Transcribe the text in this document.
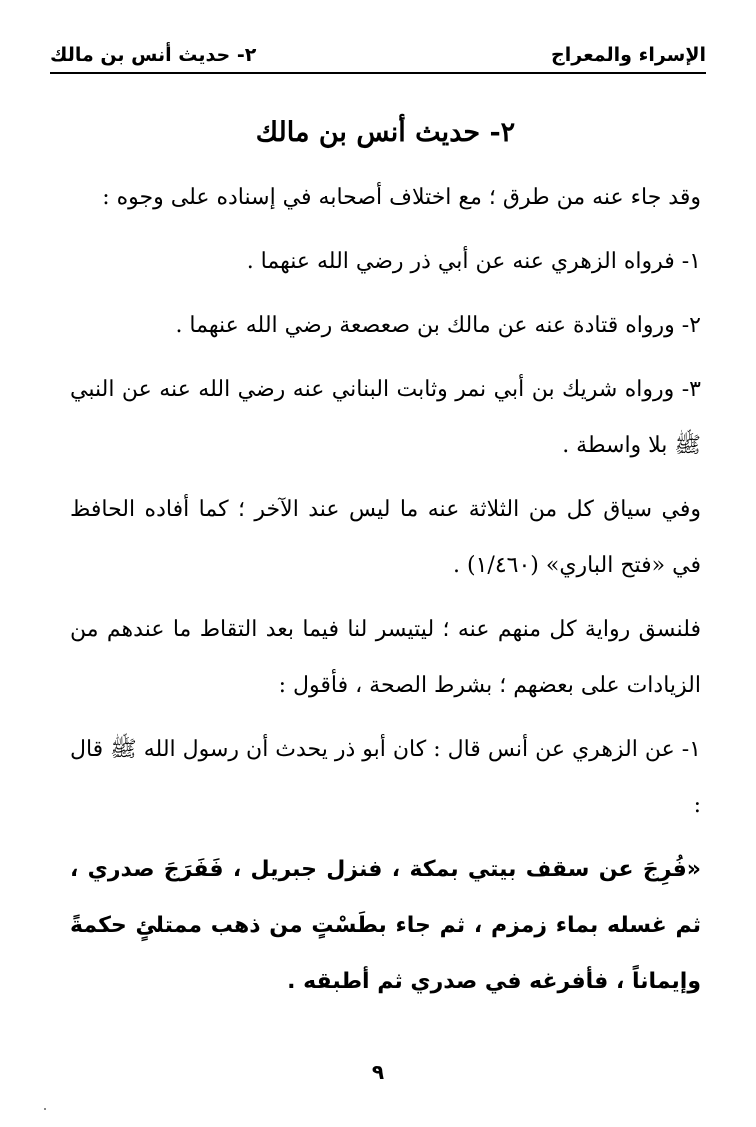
الإسراء والمعراج
٢- حديث أنس بن مالك
٢- حديث أنس بن مالك

وقد جاء عنه من طرق ؛ مع اختلاف أصحابه في إسناده على وجوه :

١- فرواه الزهري عنه عن أبي ذر رضي الله عنهما .

٢- ورواه قتادة عنه عن مالك بن صعصعة رضي الله عنهما .

٣- ورواه شريك بن أبي نمر وثابت البناني عنه رضي الله عنه عن النبي ﷺ بلا واسطة .

وفي سياق كل من الثلاثة عنه ما ليس عند الآخر ؛ كما أفاده الحافظ في «فتح الباري» (١/٤٦٠) .

فلنسق رواية كل منهم عنه ؛ ليتيسر لنا فيما بعد التقاط ما عندهم من الزيادات على بعضهم ؛ بشرط الصحة ، فأقول :

١- عن الزهري عن أنس قال : كان أبو ذر يحدث أن رسول الله ﷺ قال :

«فُرِجَ عن سقف بيتي بمكة ، فنزل جبريل ، فَفَرَجَ صدري ، ثم غسله بماء زمزم ، ثم جاء بطَسْتٍ من ذهب ممتلئٍ حكمةً وإيماناً ، فأفرغه في صدري ثم أطبقه .

٩
